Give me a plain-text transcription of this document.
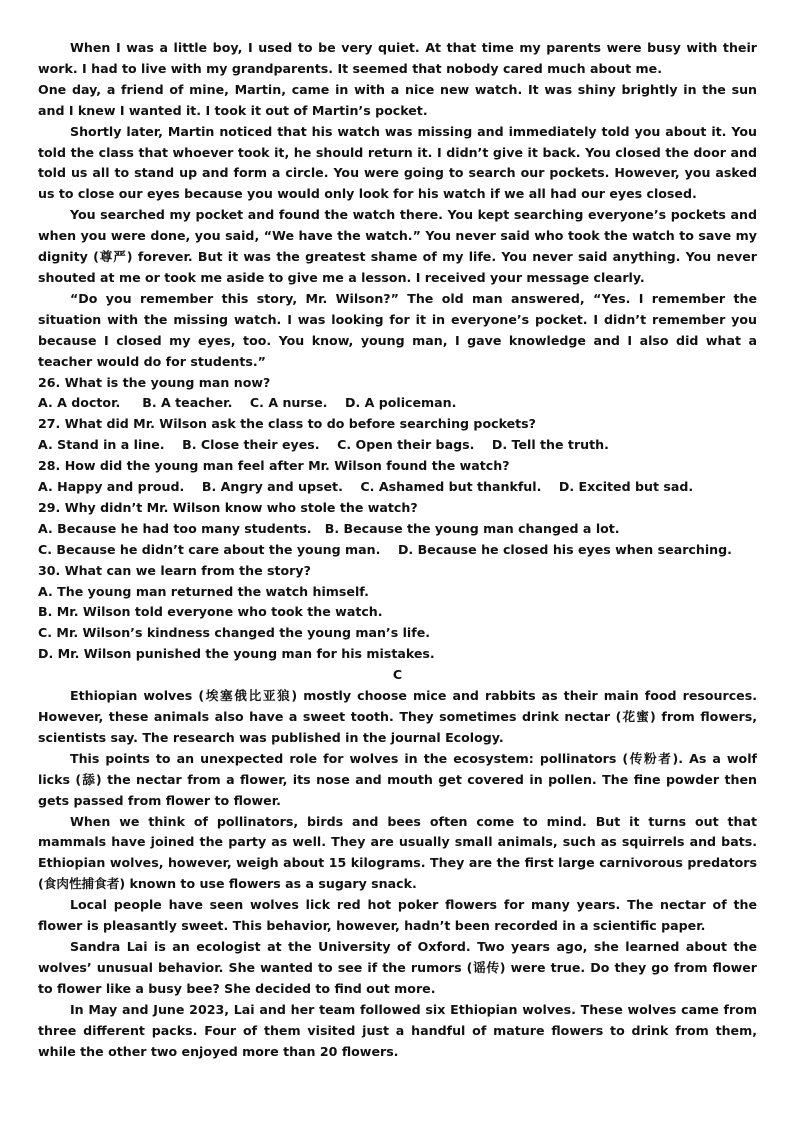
When I was a little boy, I used to be very quiet. At that time my parents were busy with their work. I had to live with my grandparents. It seemed that nobody cared much about me.

One day, a friend of mine, Martin, came in with a nice new watch. It was shiny brightly in the sun and I knew I wanted it. I took it out of Martin’s pocket.

Shortly later, Martin noticed that his watch was missing and immediately told you about it. You told the class that whoever took it, he should return it. I didn’t give it back. You closed the door and told us all to stand up and form a circle. You were going to search our pockets. However, you asked us to close our eyes because you would only look for his watch if we all had our eyes closed.

You searched my pocket and found the watch there. You kept searching everyone’s pockets and when you were done, you said, “We have the watch.” You never said who took the watch to save my dignity (尊严) forever. But it was the greatest shame of my life. You never said anything. You never shouted at me or took me aside to give me a lesson. I received your message clearly.

“Do you remember this story, Mr. Wilson?” The old man answered, “Yes. I remember the situation with the missing watch. I was looking for it in everyone’s pocket. I didn’t remember you because I closed my eyes, too. You know, young man, I gave knowledge and I also did what a teacher would do for students.”

26. What is the young man now?

A. A doctor. B. A teacher. C. A nurse. D. A policeman.

27. What did Mr. Wilson ask the class to do before searching pockets?

A. Stand in a line. B. Close their eyes. C. Open their bags. D. Tell the truth.

28. How did the young man feel after Mr. Wilson found the watch?

A. Happy and proud. B. Angry and upset. C. Ashamed but thankful. D. Excited but sad.

29. Why didn’t Mr. Wilson know who stole the watch?

A. Because he had too many students. B. Because the young man changed a lot.

C. Because he didn’t care about the young man. D. Because he closed his eyes when searching.

30. What can we learn from the story?

A. The young man returned the watch himself.

B. Mr. Wilson told everyone who took the watch.

C. Mr. Wilson’s kindness changed the young man’s life.

D. Mr. Wilson punished the young man for his mistakes.

C

Ethiopian wolves (埃塞俄比亚狼) mostly choose mice and rabbits as their main food resources. However, these animals also have a sweet tooth. They sometimes drink nectar (花蜜) from flowers, scientists say. The research was published in the journal Ecology.

This points to an unexpected role for wolves in the ecosystem: pollinators (传粉者). As a wolf licks (舔) the nectar from a flower, its nose and mouth get covered in pollen. The fine powder then gets passed from flower to flower.

When we think of pollinators, birds and bees often come to mind. But it turns out that mammals have joined the party as well. They are usually small animals, such as squirrels and bats. Ethiopian wolves, however, weigh about 15 kilograms. They are the first large carnivorous predators (食肉性捕食者) known to use flowers as a sugary snack.

Local people have seen wolves lick red hot poker flowers for many years. The nectar of the flower is pleasantly sweet. This behavior, however, hadn’t been recorded in a scientific paper.

Sandra Lai is an ecologist at the University of Oxford. Two years ago, she learned about the wolves’ unusual behavior. She wanted to see if the rumors (谣传) were true. Do they go from flower to flower like a busy bee? She decided to find out more.

In May and June 2023, Lai and her team followed six Ethiopian wolves. These wolves came from three different packs. Four of them visited just a handful of mature flowers to drink from them, while the other two enjoyed more than 20 flowers.
